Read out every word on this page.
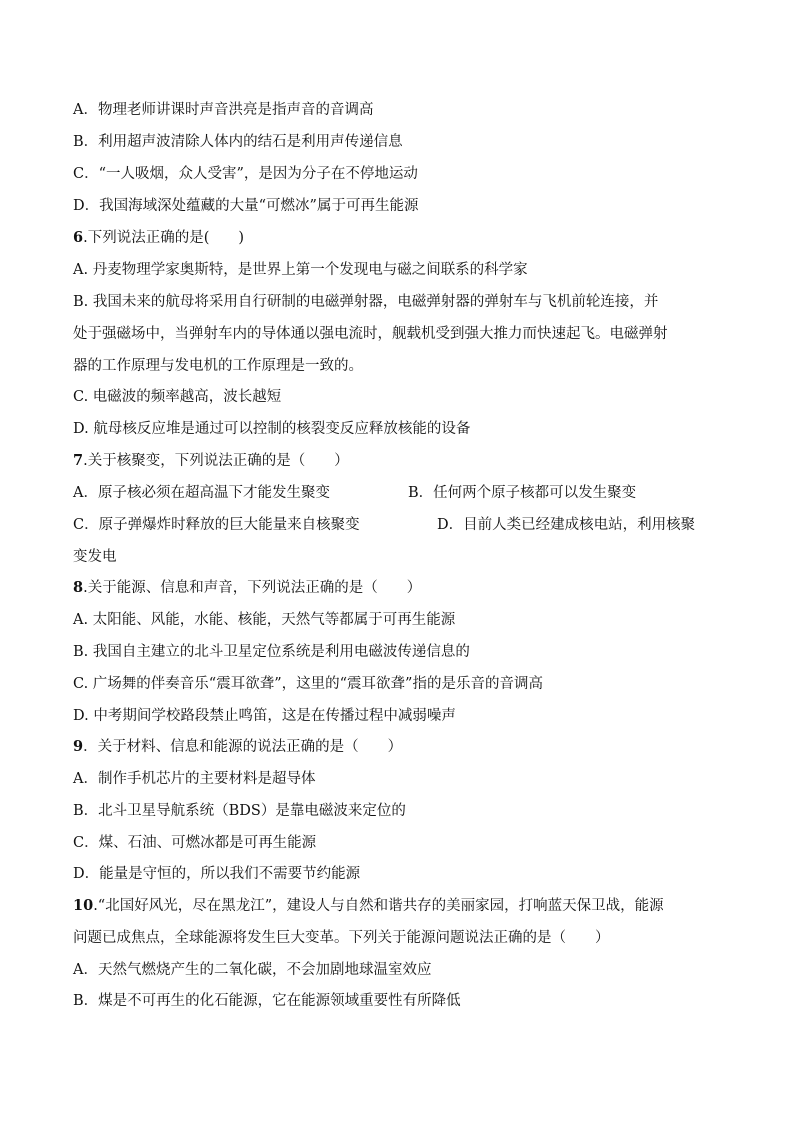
A．物理老师讲课时声音洪亮是指声音的音调高
B．利用超声波清除人体内的结石是利用声传递信息
C．“一人吸烟，众人受害”，是因为分子在不停地运动
D．我国海域深处蕴藏的大量“可燃冰”属于可再生能源
6.下列说法正确的是(　　)
A. 丹麦物理学家奥斯特，是世界上第一个发现电与磁之间联系的科学家
B. 我国未来的航母将采用自行研制的电磁弹射器，电磁弹射器的弹射车与飞机前轮连接，并
处于强磁场中，当弹射车内的导体通以强电流时，舰载机受到强大推力而快速起飞。电磁弹射
器的工作原理与发电机的工作原理是一致的。
C. 电磁波的频率越高，波长越短
D. 航母核反应堆是通过可以控制的核裂变反应释放核能的设备
7.关于核聚变，下列说法正确的是（　　）
A．原子核必须在超高温下才能发生聚变	B．任何两个原子核都可以发生聚变
C．原子弹爆炸时释放的巨大能量来自核聚变	D．目前人类已经建成核电站，利用核聚
变发电
8.关于能源、信息和声音，下列说法正确的是（　　）
A. 太阳能、风能，水能、核能，天然气等都属于可再生能源
B. 我国自主建立的北斗卫星定位系统是利用电磁波传递信息的
C. 广场舞的伴奏音乐“震耳欲聋”，这里的“震耳欲聋”指的是乐音的音调高
D. 中考期间学校路段禁止鸣笛，这是在传播过程中减弱噪声
9．关于材料、信息和能源的说法正确的是（　　）
A．制作手机芯片的主要材料是超导体
B．北斗卫星导航系统（BDS）是靠电磁波来定位的
C．煤、石油、可燃冰都是可再生能源
D．能量是守恒的，所以我们不需要节约能源
10.“北国好风光，尽在黑龙江”，建设人与自然和谐共存的美丽家园，打响蓝天保卫战，能源
问题已成焦点，全球能源将发生巨大变革。下列关于能源问题说法正确的是（　　）
A．天然气燃烧产生的二氧化碳，不会加剧地球温室效应
B．煤是不可再生的化石能源，它在能源领域重要性有所降低
